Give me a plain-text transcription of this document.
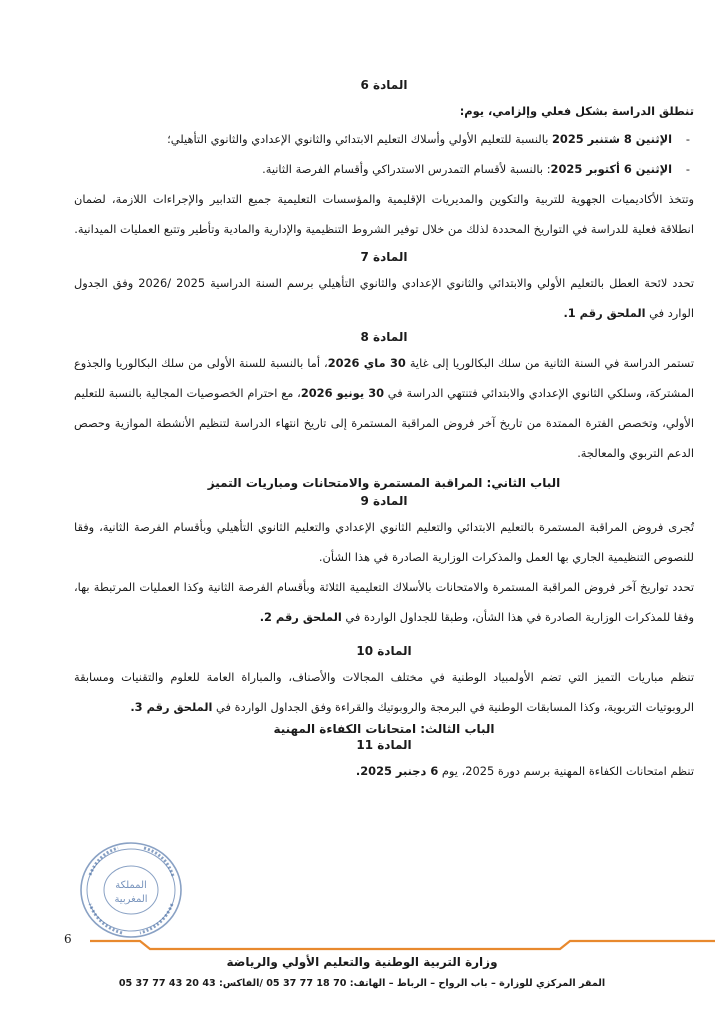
المادة 6

تنطلق الدراسة بشكل فعلي وإلزامي، يوم:

- الإثنين 8 شتنبر 2025 بالنسبة للتعليم الأولي وأسلاك التعليم الابتدائي والثانوي الإعدادي والثانوي التأهيلي؛

- الإثنين 6 أكتوبر 2025: بالنسبة لأقسام التمدرس الاستدراكي وأقسام الفرصة الثانية.

وتتخذ الأكاديميات الجهوية للتربية والتكوين والمديريات الإقليمية والمؤسسات التعليمية جميع التدابير والإجراءات اللازمة، لضمان انطلاقة فعلية للدراسة في التواريخ المحددة لذلك من خلال توفير الشروط التنظيمية والإدارية والمادية وتأطير وتتبع العمليات الميدانية.

المادة 7

تحدد لائحة العطل بالتعليم الأولي والابتدائي والثانوي الإعدادي والثانوي التأهيلي برسم السنة الدراسية 2025 /2026 وفق الجدول الوارد في الملحق رقم 1.

المادة 8

تستمر الدراسة في السنة الثانية من سلك البكالوريا إلى غاية 30 ماي 2026، أما بالنسبة للسنة الأولى من سلك البكالوريا والجذوع المشتركة، وسلكي الثانوي الإعدادي والابتدائي فتنتهي الدراسة في 30 يونيو 2026، مع احترام الخصوصيات المجالية بالنسبة للتعليم الأولي، وتخصص الفترة الممتدة من تاريخ آخر فروض المراقبة المستمرة إلى تاريخ انتهاء الدراسة لتنظيم الأنشطة الموازية وحصص الدعم التربوي والمعالجة.

الباب الثاني: المراقبة المستمرة والامتحانات ومباريات التميز

المادة 9

تُجرى فروض المراقبة المستمرة بالتعليم الابتدائي والتعليم الثانوي الإعدادي والتعليم الثانوي التأهيلي وبأقسام الفرصة الثانية، وفقا للنصوص التنظيمية الجاري بها العمل والمذكرات الوزارية الصادرة في هذا الشأن.

تحدد تواريخ آخر فروض المراقبة المستمرة والامتحانات بالأسلاك التعليمية الثلاثة وبأقسام الفرصة الثانية وكذا العمليات المرتبطة بها، وفقا للمذكرات الوزارية الصادرة في هذا الشأن، وطبقا للجداول الواردة في الملحق رقم 2.

المادة 10

تنظم مباريات التميز التي تضم الأولمبياد الوطنية في مختلف المجالات والأصناف، والمباراة العامة للعلوم والتقنيات ومسابقة الروبوتيات التربوية، وكذا المسابقات الوطنية في البرمجة والروبوتيك والقراءة وفق الجداول الواردة في الملحق رقم 3.

الباب الثالث: امتحانات الكفاءة المهنية

المادة 11

تنظم امتحانات الكفاءة المهنية برسم دورة 2025، يوم 6 دجنبر 2025.

المملكة
المغربية
6
وزارة التربية الوطنية والتعليم الأولي والرياضة
المقر المركزي للوزارة – باب الرواح – الرباط – الهاتف: 70 18 77 37 05 /الفاكس: 43 20 43 77 37 05
